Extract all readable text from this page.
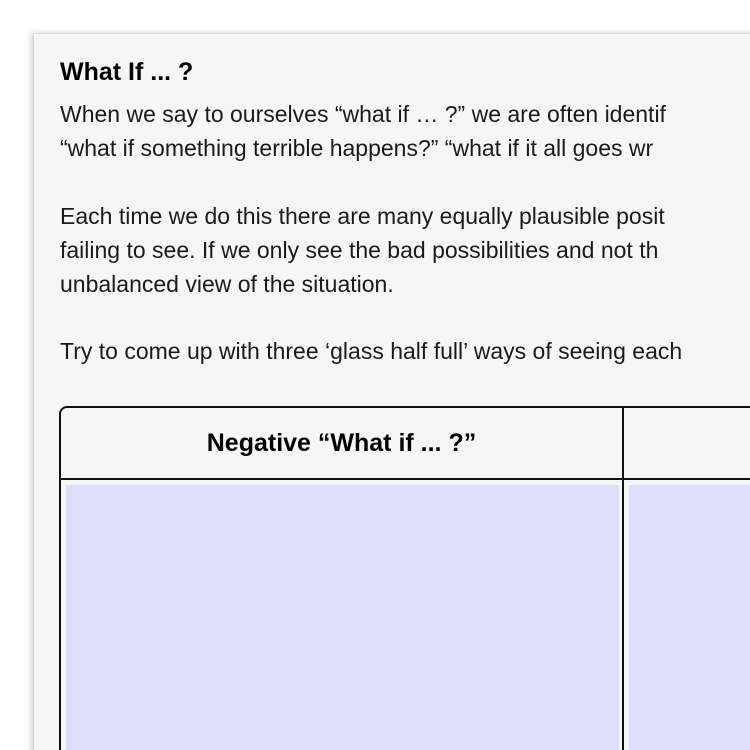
What If ... ?

When we say to ourselves “what if … ?” we are often identif
“what if something terrible happens?” “what if it all goes wr

Each time we do this there are many equally plausible posit
failing to see. If we only see the bad possibilities and not th
unbalanced view of the situation.

Try to come up with three ‘glass half full’ ways of seeing each

Negative “What if ... ?”
